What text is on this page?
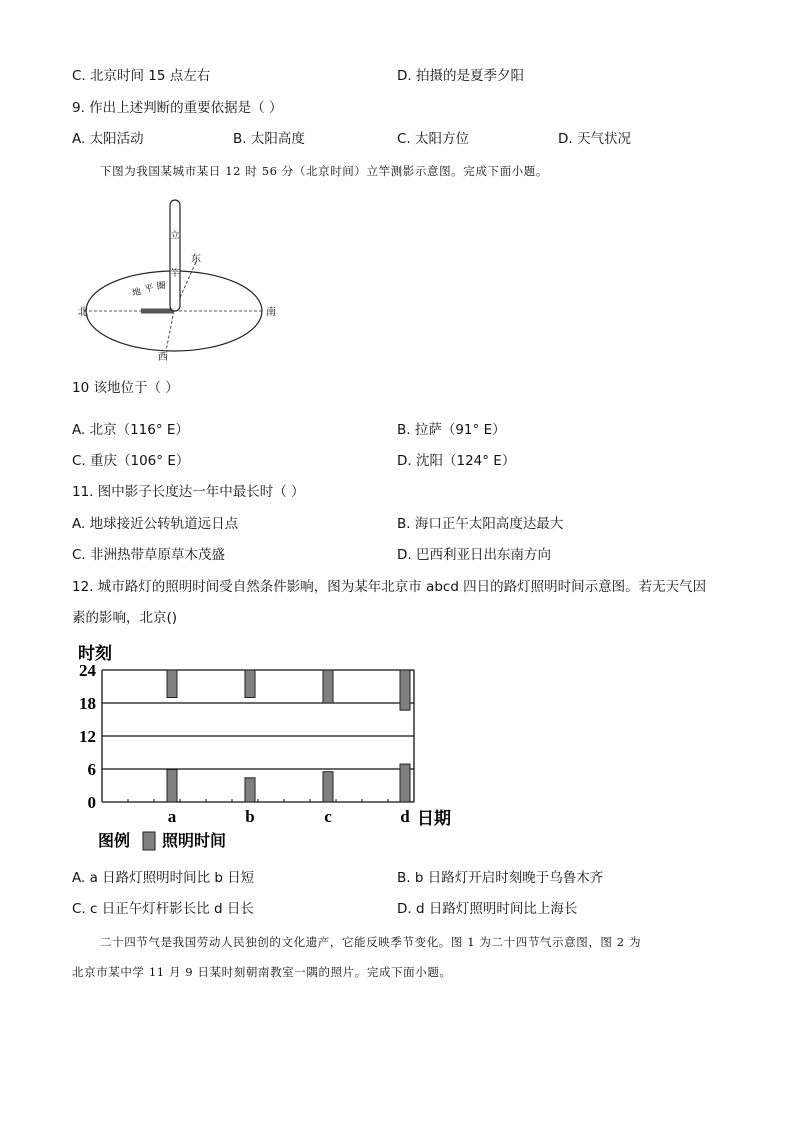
C. 北京时间 15 点左右	D. 拍摄的是夏季夕阳
9. 作出上述判断的重要依据是（ ）
A. 太阳活动	B. 太阳高度	C. 太阳方位	D. 天气状况
下图为我国某城市某日 12 时 56 分（北京时间）立竿测影示意图。完成下面小题。
立
竿
地 平 圈
北	南
东
西
10 该地位于（ ）
A. 北京（116° E）	B. 拉萨（91° E）
C. 重庆（106° E）	D. 沈阳（124° E）
11. 图中影子长度达一年中最长时（ ）
A. 地球接近公转轨道远日点	B. 海口正午太阳高度达最大
C. 非洲热带草原草木茂盛	D. 巴西利亚日出东南方向
12. 城市路灯的照明时间受自然条件影响，图为某年北京市 abcd 四日的路灯照明时间示意图。若无天气因
素的影响，北京()
时刻
0
6
12
18
24
a	b	c	d 日期
图例 照明时间
A. a 日路灯照明时间比 b 日短	B. b 日路灯开启时刻晚于乌鲁木齐
C. c 日正午灯杆影长比 d 日长	D. d 日路灯照明时间比上海长
二十四节气是我国劳动人民独创的文化遗产，它能反映季节变化。图 1 为二十四节气示意图，图 2 为
北京市某中学 11 月 9 日某时刻朝南教室一隅的照片。完成下面小题。
